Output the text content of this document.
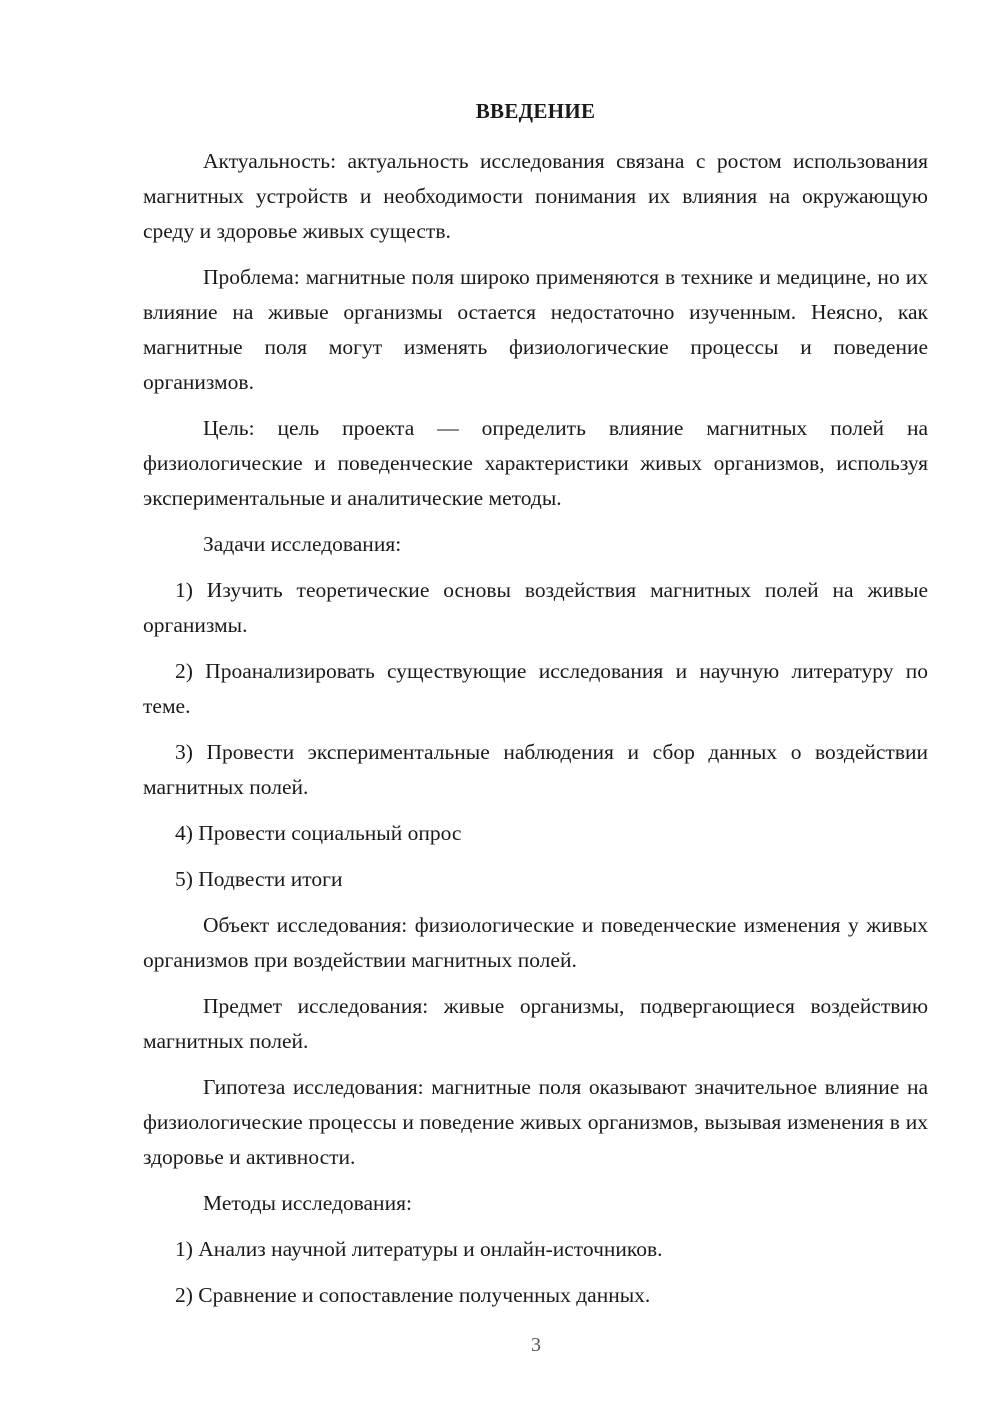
ВВЕДЕНИЕ

Актуальность: актуальность исследования связана с ростом использования магнитных устройств и необходимости понимания их влияния на окружающую среду и здоровье живых существ.

Проблема: магнитные поля широко применяются в технике и медицине, но их влияние на живые организмы остается недостаточно изученным. Неясно, как магнитные поля могут изменять физиологические процессы и поведение организмов.

Цель: цель проекта — определить влияние магнитных полей на физиологические и поведенческие характеристики живых организмов, используя экспериментальные и аналитические методы.

Задачи исследования:

1) Изучить теоретические основы воздействия магнитных полей на живые организмы.

2) Проанализировать существующие исследования и научную литературу по теме.

3) Провести экспериментальные наблюдения и сбор данных о воздействии магнитных полей.

4) Провести социальный опрос

5) Подвести итоги

Объект исследования: физиологические и поведенческие изменения у живых организмов при воздействии магнитных полей.

Предмет исследования: живые организмы, подвергающиеся воздействию магнитных полей.

Гипотеза исследования: магнитные поля оказывают значительное влияние на физиологические процессы и поведение живых организмов, вызывая изменения в их здоровье и активности.

Методы исследования:

1) Анализ научной литературы и онлайн-источников.

2) Сравнение и сопоставление полученных данных.

3
